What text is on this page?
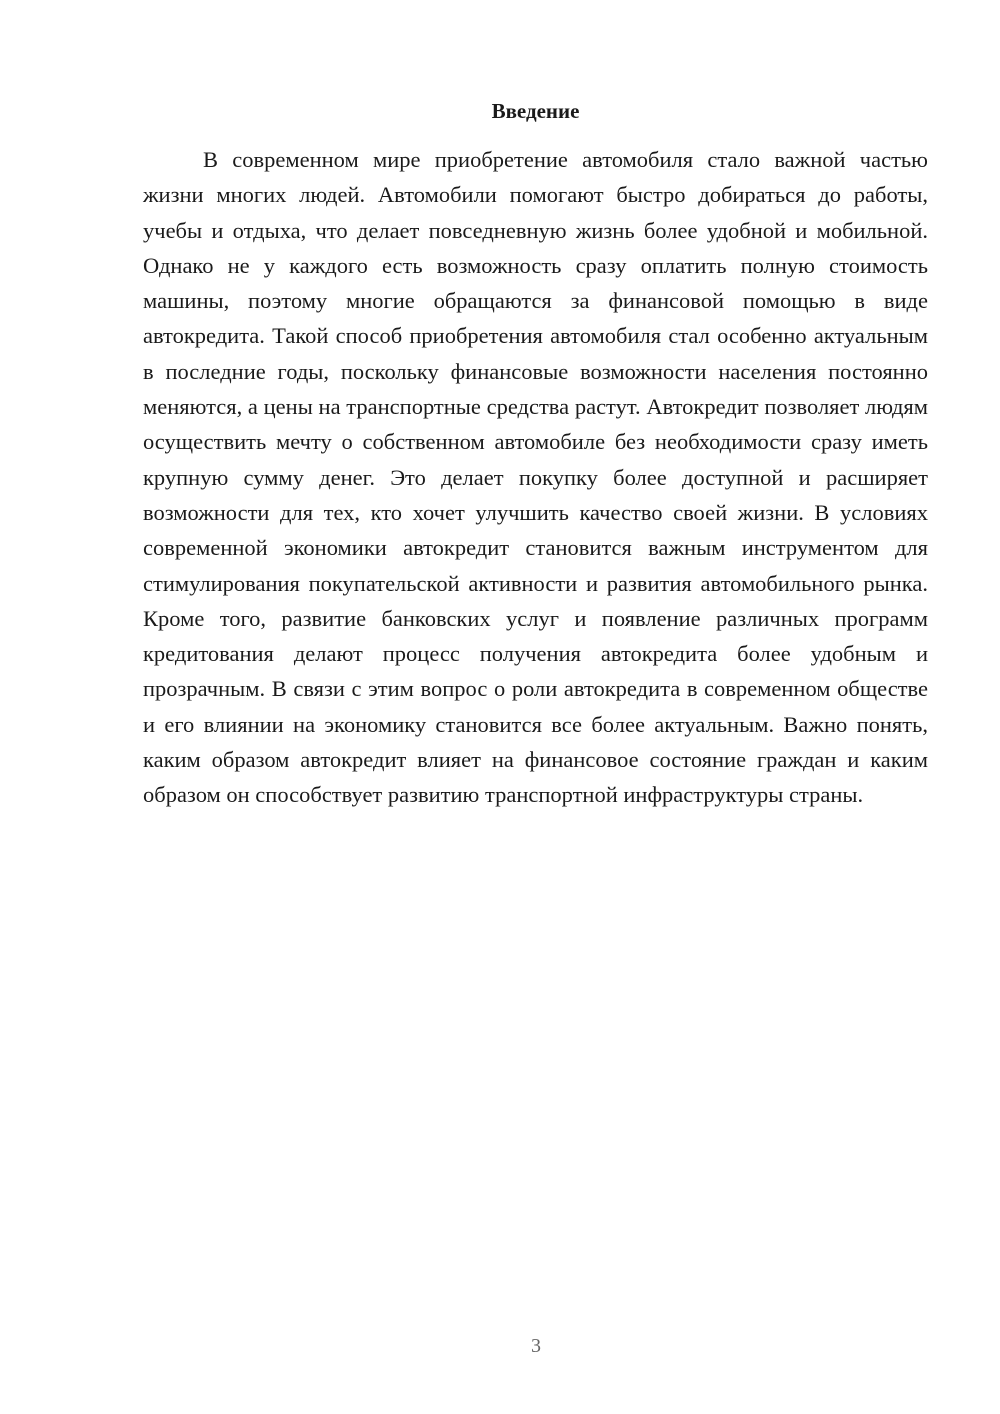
Введение

В современном мире приобретение автомобиля стало важной частью жизни многих людей. Автомобили помогают быстро добираться до работы, учебы и отдыха, что делает повседневную жизнь более удобной и мобильной. Однако не у каждого есть возможность сразу оплатить полную стоимость машины, поэтому многие обращаются за финансовой помощью в виде автокредита. Такой способ приобретения автомобиля стал особенно актуальным в последние годы, поскольку финансовые возможности населения постоянно меняются, а цены на транспортные средства растут. Автокредит позволяет людям осуществить мечту о собственном автомобиле без необходимости сразу иметь крупную сумму денег. Это делает покупку более доступной и расширяет возможности для тех, кто хочет улучшить качество своей жизни. В условиях современной экономики автокредит становится важным инструментом для стимулирования покупательской активности и развития автомобильного рынка. Кроме того, развитие банковских услуг и появление различных программ кредитования делают процесс получения автокредита более удобным и прозрачным. В связи с этим вопрос о роли автокредита в современном обществе и его влиянии на экономику становится все более актуальным. Важно понять, каким образом автокредит влияет на финансовое состояние граждан и каким образом он способствует развитию транспортной инфраструктуры страны.

3
